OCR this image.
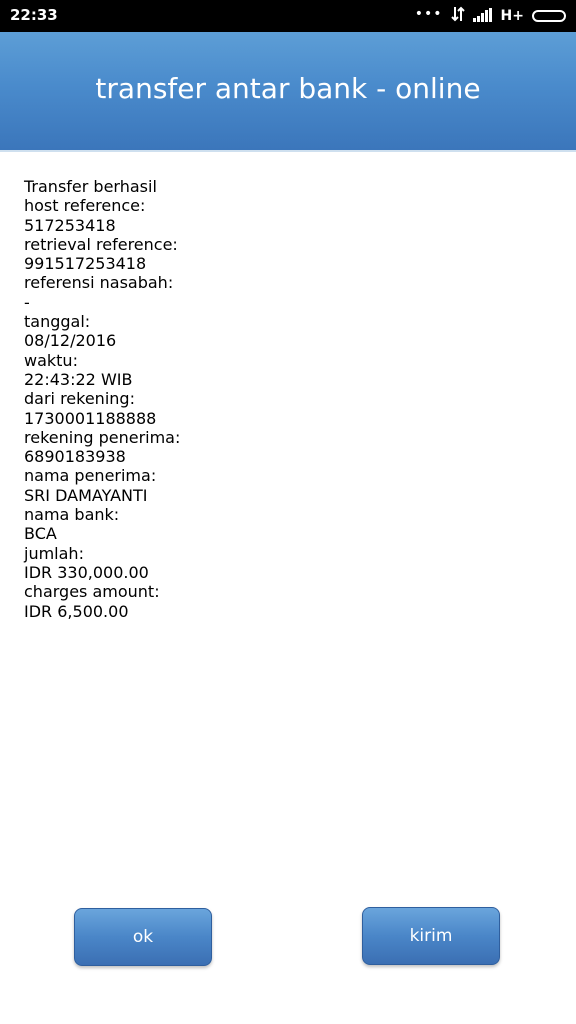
22:33	•••	H+
transfer antar bank - online
Transfer berhasil
host reference:
517253418
retrieval reference:
991517253418
referensi nasabah:
-
tanggal:
08/12/2016
waktu:
22:43:22 WIB
dari rekening:
1730001188888
rekening penerima:
6890183938
nama penerima:
SRI DAMAYANTI
nama bank:
BCA
jumlah:
IDR 330,000.00
charges amount:
IDR 6,500.00
ok	kirim
